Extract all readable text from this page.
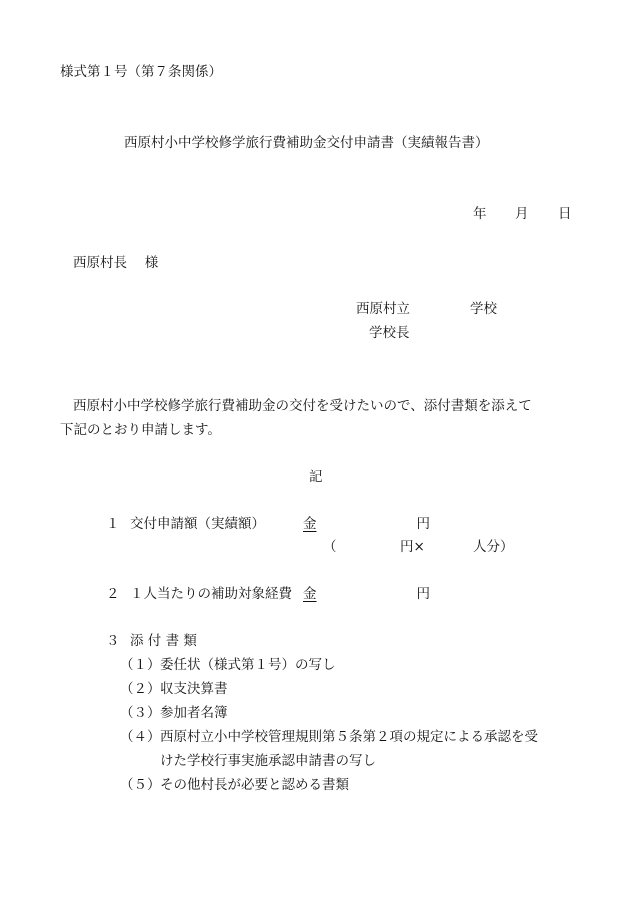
様式第１号（第７条関係）
西原村小中学校修学旅行費補助金交付申請書（実績報告書）
年 月 日
西原村長　 様
西原村立	学校
学校長
西原村小中学校修学旅行費補助金の交付を受けたいので、添付書類を添えて
下記のとおり申請します。
記
１ 交付申請額（実績額）	金	円
（	円×	人分）
２ １人当たりの補助対象経費 金	円
３ 添 付 書 類
（１） 委任状（様式第１号）の写し
（２） 収支決算書
（３） 参加者名簿
（４） 西原村立小中学校管理規則第５条第２項の規定による承認を受
けた学校行事実施承認申請書の写し
（５） その他村長が必要と認める書類
